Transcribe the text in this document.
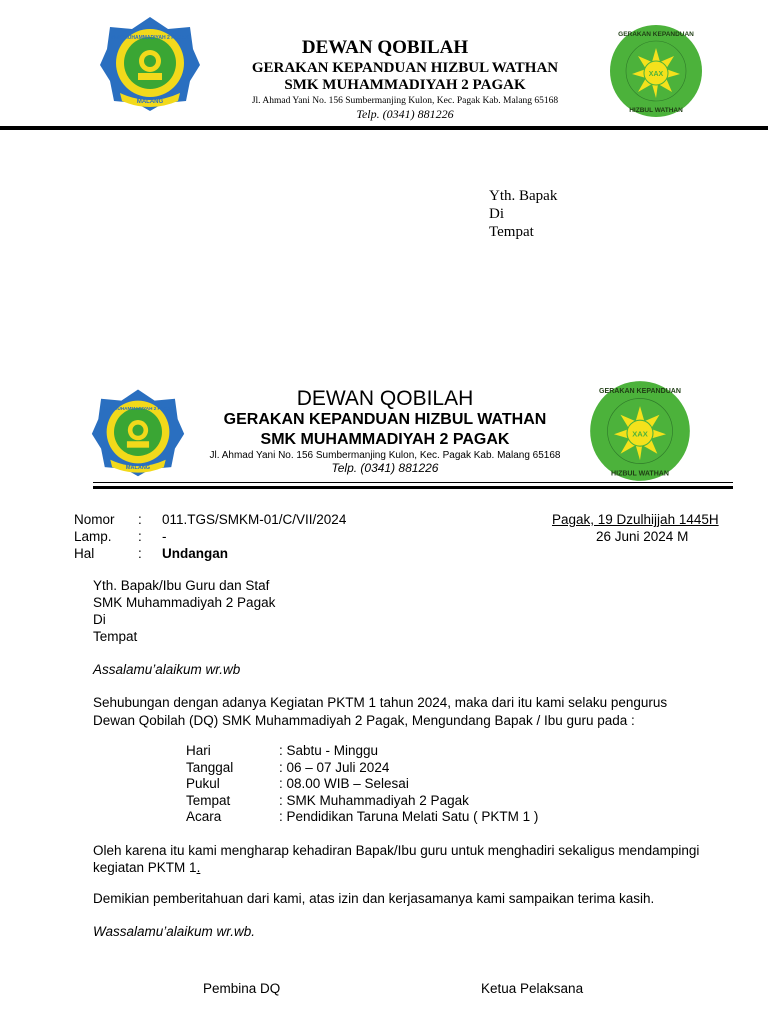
MALANG
SMK MUHAMMADIYAH 2 PAGAK	DEWAN QOBILAH
GERAKAN KEPANDUAN HIZBUL WATHAN
SMK MUHAMMADIYAH 2 PAGAK
Jl. Ahmad Yani No. 156 Sumbermanjing Kulon, Kec. Pagak Kab. Malang 65168
Telp. (0341) 881226
XAX
GERAKAN KEPANDUAN
HIZBUL WATHAN
Yth. Bapak
Di
Tempat
MALANG
SMK MUHAMMADIYAH 2 PAGAK	DEWAN QOBILAH
GERAKAN KEPANDUAN HIZBUL WATHAN
SMK MUHAMMADIYAH 2 PAGAK
Jl. Ahmad Yani No. 156 Sumbermanjing Kulon, Kec. Pagak Kab. Malang 65168
Telp. (0341) 881226
XAX
GERAKAN KEPANDUAN
HIZBUL WATHAN
Nomor : 011.TGS/SMKM-01/C/VII/2024
Lamp. : -
Hal	: Undangan
Pagak, 19 Dzulhijjah 1445H
26 Juni 2024 M
Yth. Bapak/Ibu Guru dan Staf
SMK Muhammadiyah 2 Pagak
Di
Tempat
Assalamu’alaikum wr.wb
Sehubungan dengan adanya Kegiatan PKTM 1 tahun 2024, maka dari itu kami selaku pengurus
Dewan Qobilah (DQ) SMK Muhammadiyah 2 Pagak, Mengundang Bapak / Ibu guru pada :
Hari	: Sabtu - Minggu
Tanggal	: 06 – 07 Juli 2024
Pukul	: 08.00 WIB – Selesai
Tempat	: SMK Muhammadiyah 2 Pagak
Acara	: Pendidikan Taruna Melati Satu ( PKTM 1 )
Oleh karena itu kami mengharap kehadiran Bapak/Ibu guru untuk menghadiri sekaligus mendampingi
kegiatan PKTM 1.
Demikian pemberitahuan dari kami, atas izin dan kerjasamanya kami sampaikan terima kasih.
Wassalamu’alaikum wr.wb.
Pembina DQ	Ketua Pelaksana
